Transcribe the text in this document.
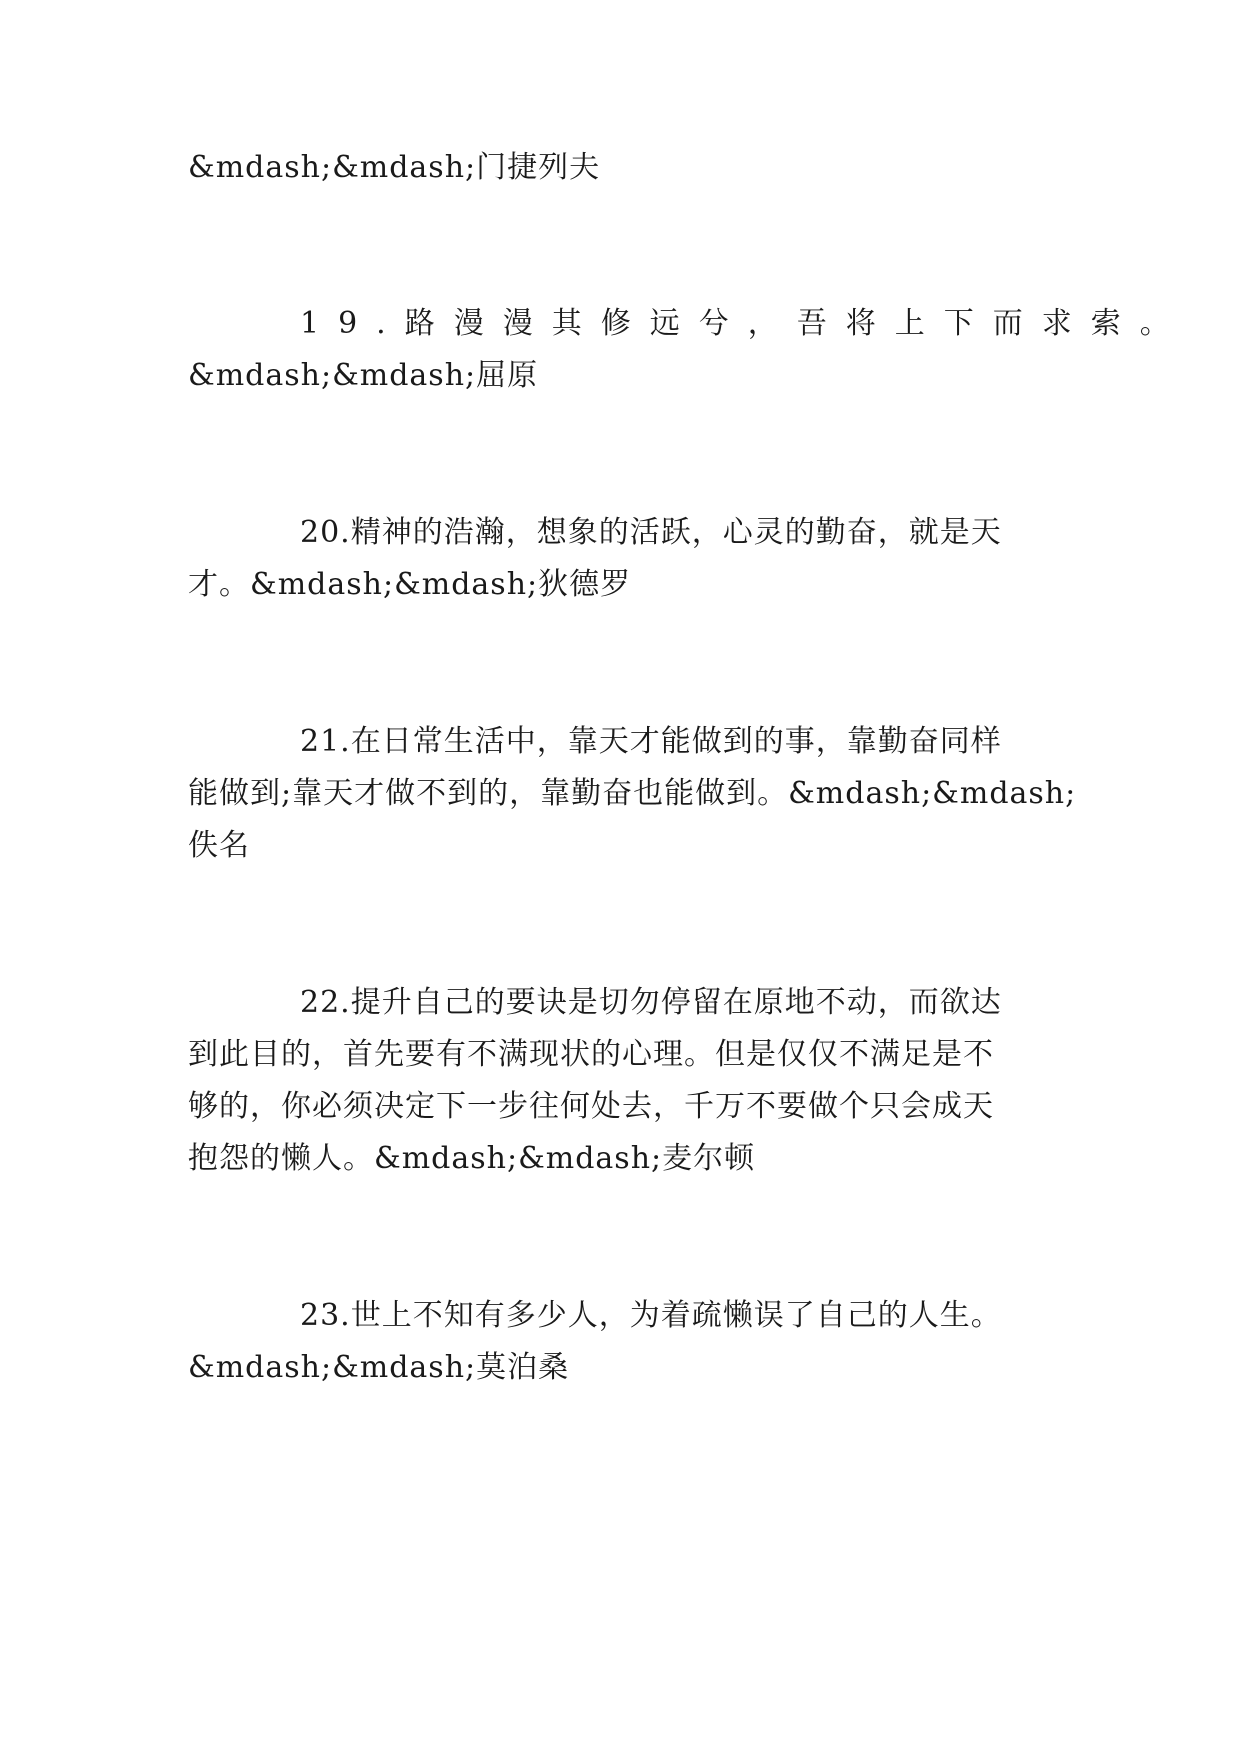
&mdash;&mdash;门捷列夫
19.路漫漫其修远兮，吾将上下而求索。
&mdash;&mdash;屈原
20.精神的浩瀚，想象的活跃，心灵的勤奋，就是天
才。&mdash;&mdash;狄德罗
21.在日常生活中，靠天才能做到的事，靠勤奋同样
能做到;靠天才做不到的，靠勤奋也能做到。&mdash;&mdash;
佚名
22.提升自己的要诀是切勿停留在原地不动，而欲达
到此目的，首先要有不满现状的心理。但是仅仅不满足是不
够的，你必须决定下一步往何处去，千万不要做个只会成天
抱怨的懒人。&mdash;&mdash;麦尔顿
23.世上不知有多少人，为着疏懒误了自己的人生。
&mdash;&mdash;莫泊桑
